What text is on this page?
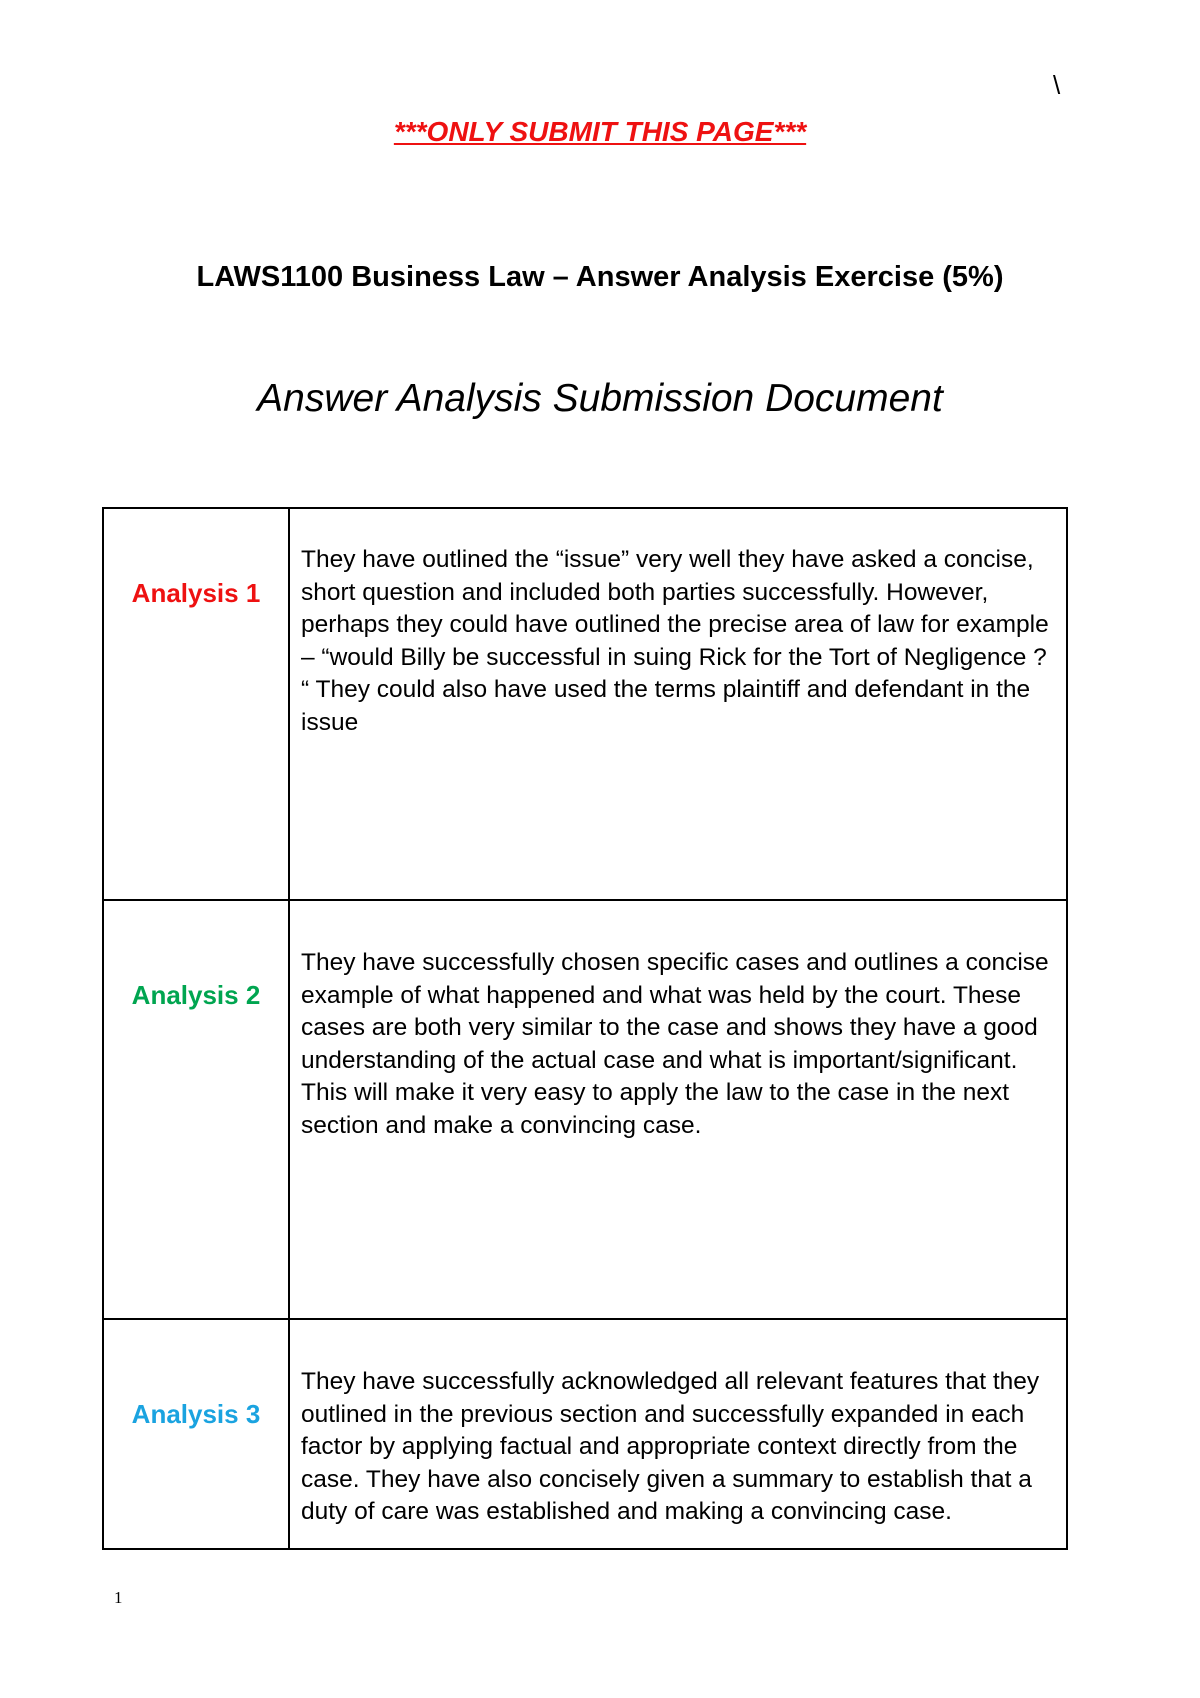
\
***ONLY SUBMIT THIS PAGE***
LAWS1100 Business Law – Answer Analysis Exercise (5%)
Answer Analysis Submission Document
Analysis 1	They have outlined the “issue” very well they have asked a concise, short question and included both parties successfully. However, perhaps they could have outlined the precise area of law for example – “would Billy be successful in suing Rick for the Tort of Negligence ? “ They could also have used the terms plaintiff and defendant in the issue

Analysis 2	They have successfully chosen specific cases and outlines a concise example of what happened and what was held by the court. These cases are both very similar to the case and shows they have a good understanding of the actual case and what is important/significant. This will make it very easy to apply the law to the case in the next section and make a convincing case.

Analysis 3	They have successfully acknowledged all relevant features that they outlined in the previous section and successfully expanded in each factor by applying factual and appropriate context directly from the case. They have also concisely given a summary to establish that a duty of care was established and making a convincing case.
1
